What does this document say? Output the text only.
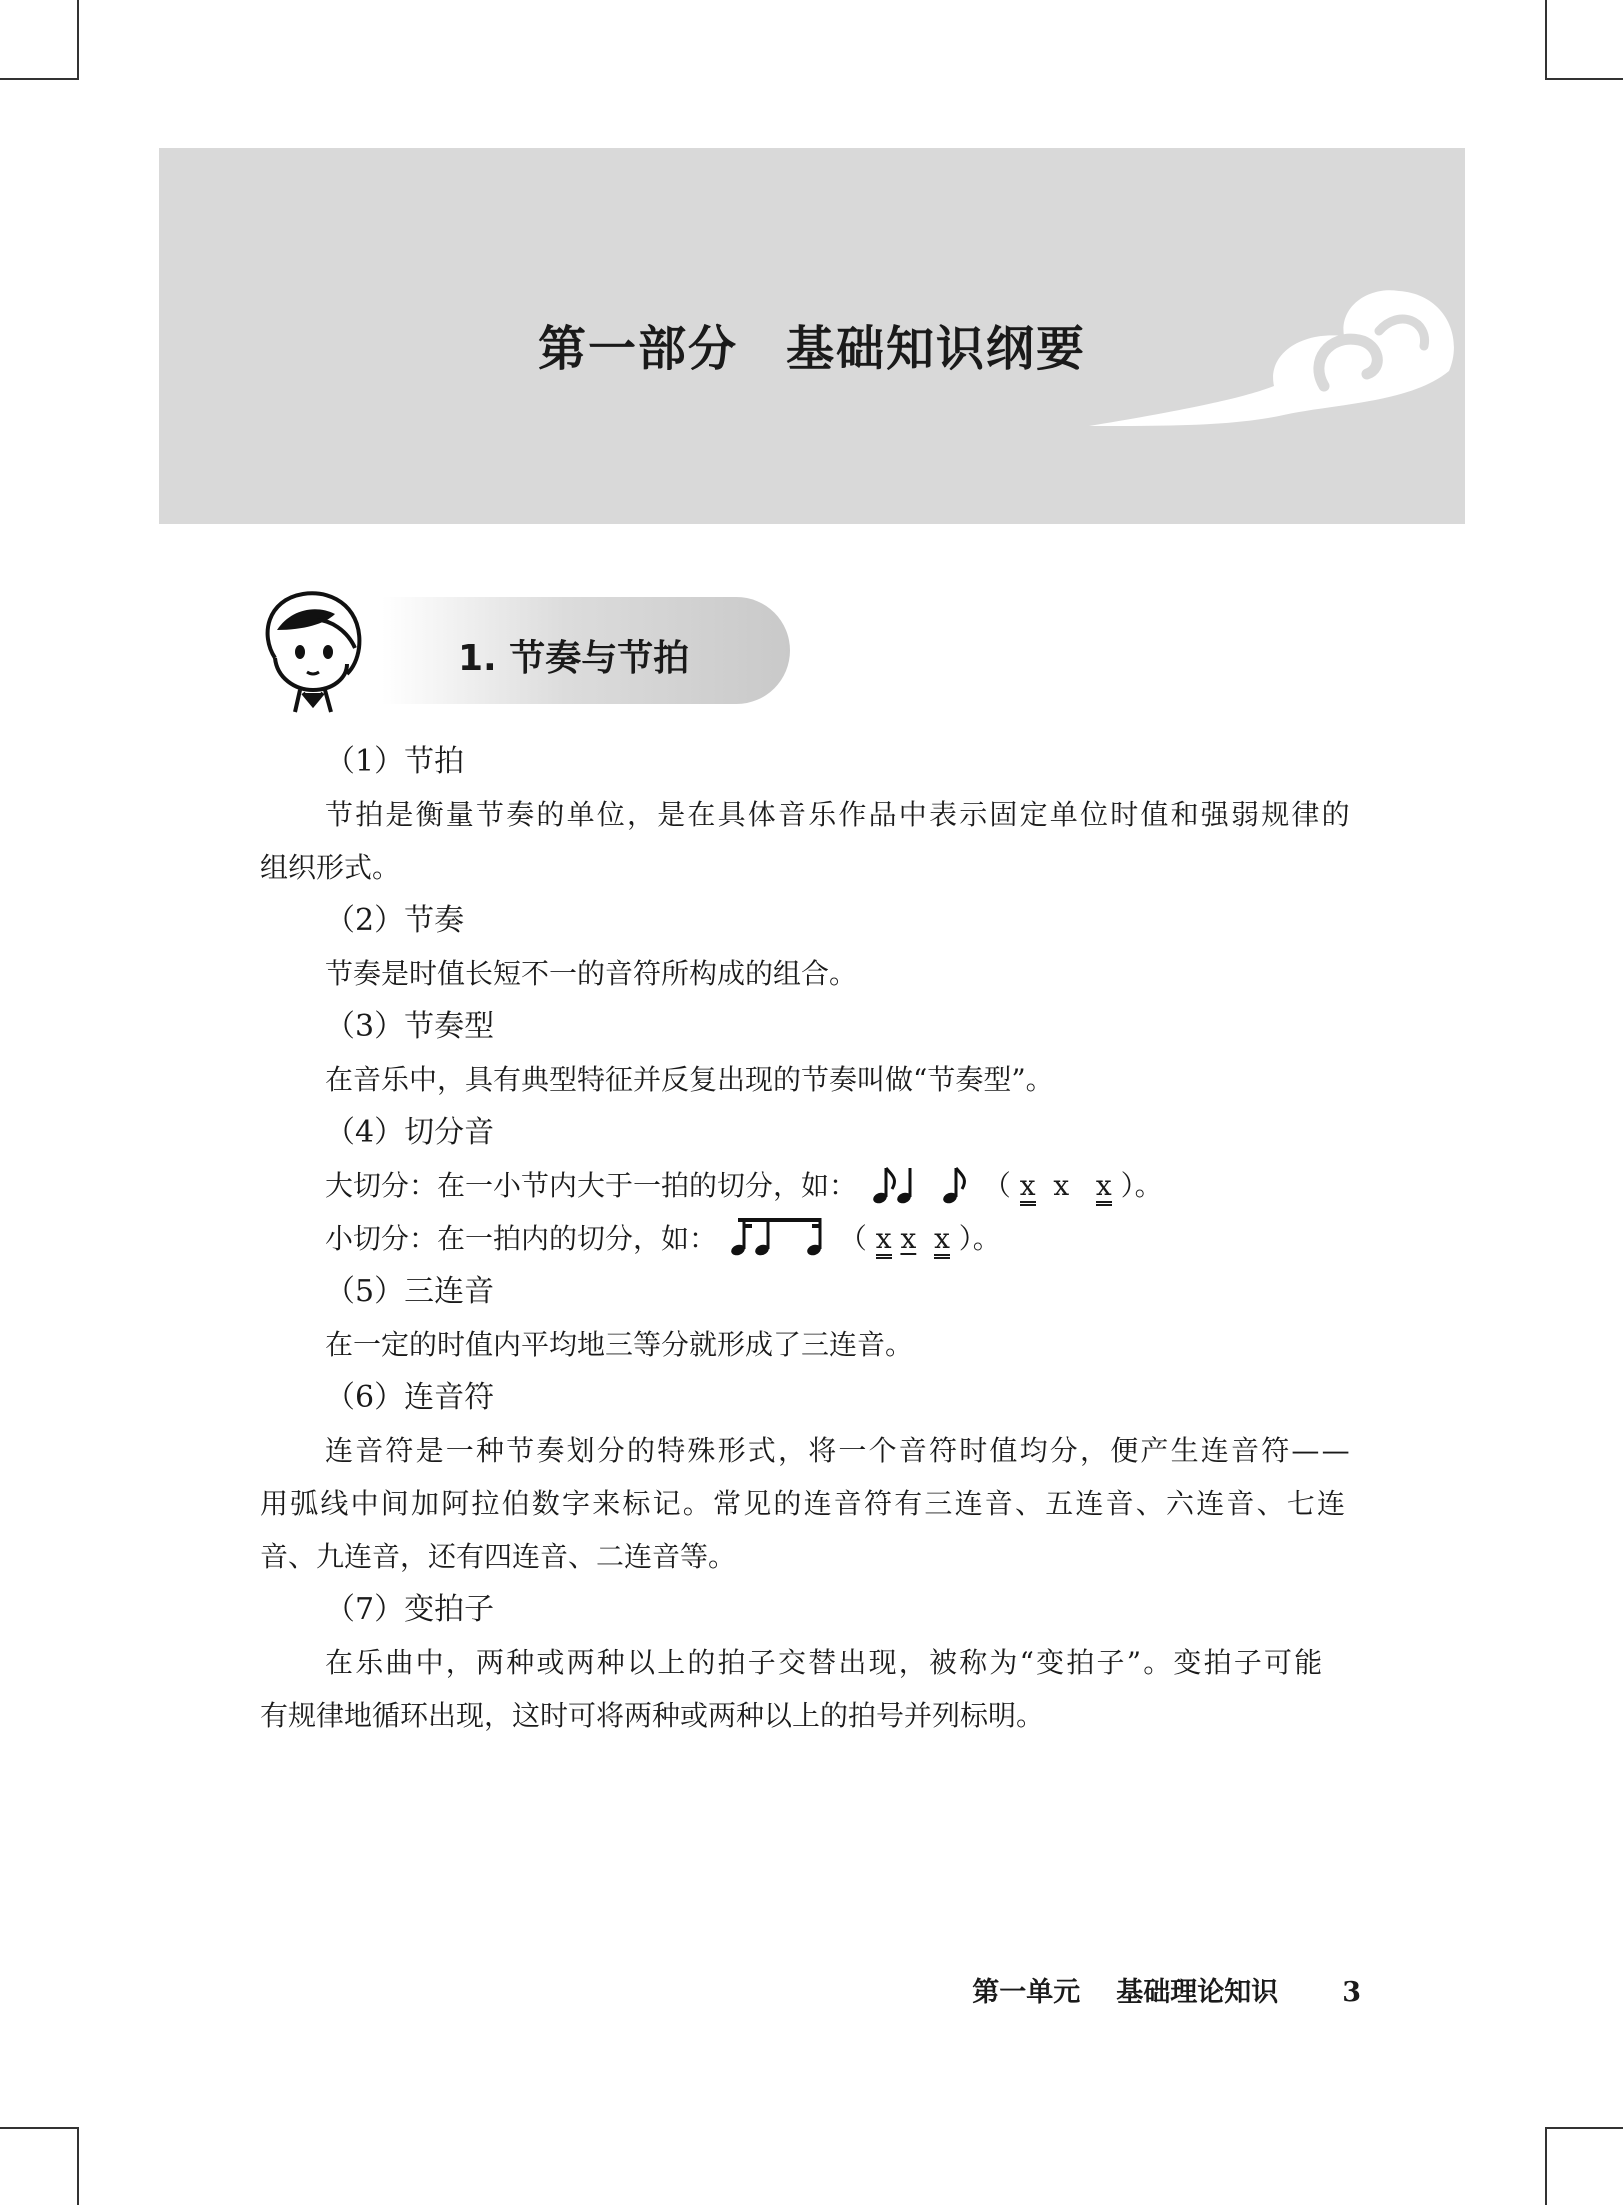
第一部分 基础知识纲要
1. 节奏与节拍

（1）节拍

节拍是衡量节奏的单位，是在具体音乐作品中表示固定单位时值和强弱规律的

组织形式。

（2）节奏

节奏是时值长短不一的音符所构成的组合。

（3）节奏型

在音乐中，具有典型特征并反复出现的节奏叫做“节奏型”。

（4）切分音

大切分：在一小节内大于一拍的切分，如：	（ x x x ）。

小切分：在一拍内的切分，如：	（ x x x ）。

（5）三连音

在一定的时值内平均地三等分就形成了三连音。

（6）连音符

连音符是一种节奏划分的特殊形式，将一个音符时值均分，便产生连音符——

用弧线中间加阿拉伯数字来标记。常见的连音符有三连音、五连音、六连音、七连

音、九连音，还有四连音、二连音等。

（7）变拍子

在乐曲中，两种或两种以上的拍子交替出现，被称为“变拍子”。变拍子可能

有规律地循环出现，这时可将两种或两种以上的拍号并列标明。

第一单元 基础理论知识 3
